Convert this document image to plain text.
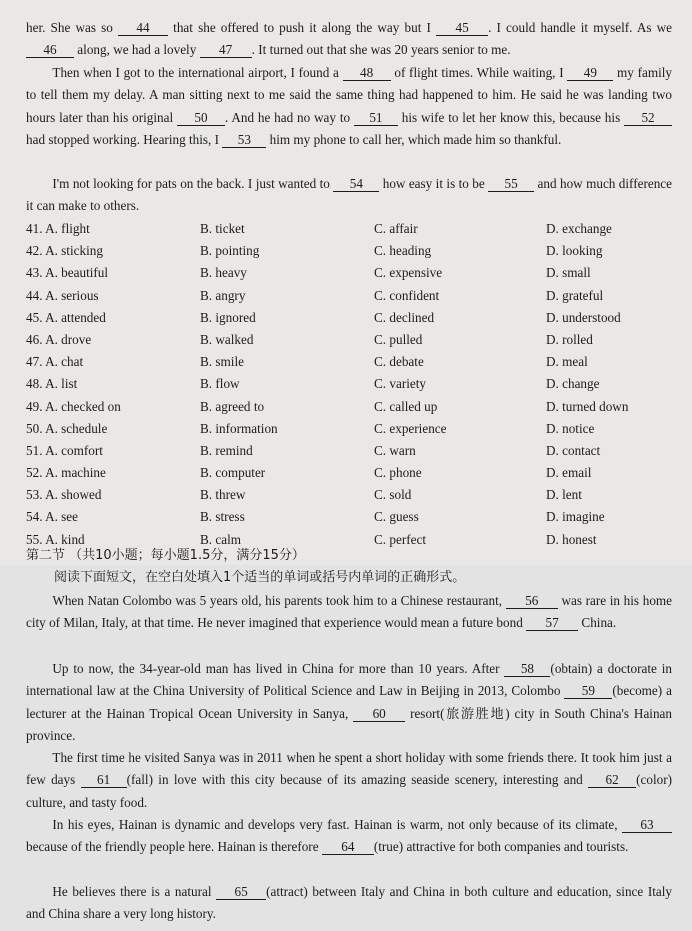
her. She was so 44 that she offered to push it along the way but I 45 . I could handle it myself. As we 46 along, we had a lovely 47 . It turned out that she was 20 years senior to me.

Then when I got to the international airport, I found a 48 of flight times. While waiting, I 49 my family to tell them my delay. A man sitting next to me said the same thing had happened to him. He said he was landing two hours later than his original 50 . And he had no way to 51 his wife to let her know this, because his 52 had stopped working. Hearing this, I 53 him my phone to call her, which made him so thankful.

I'm not looking for pats on the back. I just wanted to 54 how easy it is to be 55 and how much difference it can make to others.

41. A. flight	B. ticket	C. affair	D. exchange
42. A. sticking	B. pointing	C. heading	D. looking
43. A. beautiful	B. heavy	C. expensive	D. small
44. A. serious	B. angry	C. confident	D. grateful
45. A. attended	B. ignored	C. declined	D. understood
46. A. drove	B. walked	C. pulled	D. rolled
47. A. chat	B. smile	C. debate	D. meal
48. A. list	B. flow	C. variety	D. change
49. A. checked on	B. agreed to	C. called up	D. turned down
50. A. schedule	B. information	C. experience	D. notice
51. A. comfort	B. remind	C. warn	D. contact
52. A. machine	B. computer	C. phone	D. email
53. A. showed	B. threw	C. sold	D. lent
54. A. see	B. stress	C. guess	D. imagine
55. A. kind	B. calm	C. perfect	D. honest
第二节 （共10小题；每小题1.5分，满分15分）
阅读下面短文，在空白处填入1个适当的单词或括号内单词的正确形式。

When Natan Colombo was 5 years old, his parents took him to a Chinese restaurant, 56 was rare in his home city of Milan, Italy, at that time. He never imagined that experience would mean a future bond 57 China.

Up to now, the 34-year-old man has lived in China for more than 10 years. After 58 (obtain) a doctorate in international law at the China University of Political Science and Law in Beijing in 2013, Colombo 59 (become) a lecturer at the Hainan Tropical Ocean University in Sanya, 60 resort(旅游胜地) city in South China's Hainan province.

The first time he visited Sanya was in 2011 when he spent a short holiday with some friends there. It took him just a few days 61 (fall) in love with this city because of its amazing seaside scenery, interesting and 62 (color) culture, and tasty food.

In his eyes, Hainan is dynamic and develops very fast. Hainan is warm, not only because of its climate, 63 because of the friendly people here. Hainan is therefore 64 (true) attractive for both companies and tourists.

He believes there is a natural 65 (attract) between Italy and China in both culture and education, since Italy and China share a very long history.
